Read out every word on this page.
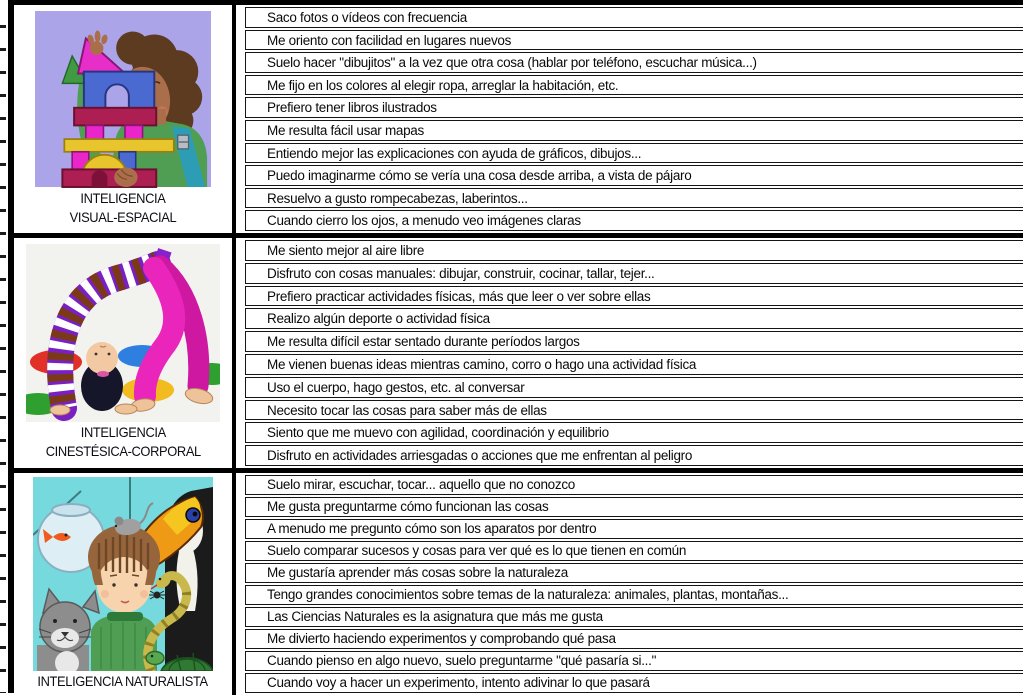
INTELIGENCIA
VISUAL-ESPACIAL
Saco fotos o vídeos con frecuencia
Me oriento con facilidad en lugares nuevos
Suelo hacer "dibujitos" a la vez que otra cosa (hablar por teléfono, escuchar música...)
Me fijo en los colores al elegir ropa, arreglar la habitación, etc.
Prefiero tener libros ilustrados
Me resulta fácil usar mapas
Entiendo mejor las explicaciones con ayuda de gráficos, dibujos...
Puedo imaginarme cómo se vería una cosa desde arriba, a vista de pájaro
Resuelvo a gusto rompecabezas, laberintos...
Cuando cierro los ojos, a menudo veo imágenes claras
INTELIGENCIA
CINESTÉSICA-CORPORAL
Me siento mejor al aire libre
Disfruto con cosas manuales: dibujar, construir, cocinar, tallar, tejer...
Prefiero practicar actividades físicas, más que leer o ver sobre ellas
Realizo algún deporte o actividad física
Me resulta difícil estar sentado durante períodos largos
Me vienen buenas ideas mientras camino, corro o hago una actividad física
Uso el cuerpo, hago gestos, etc. al conversar
Necesito tocar las cosas para saber más de ellas
Siento que me muevo con agilidad, coordinación y equilibrio
Disfruto en actividades arriesgadas o acciones que me enfrentan al peligro
INTELIGENCIA NATURALISTA
Suelo mirar, escuchar, tocar... aquello que no conozco
Me gusta preguntarme cómo funcionan las cosas
A menudo me pregunto cómo son los aparatos por dentro
Suelo comparar sucesos y cosas para ver qué es lo que tienen en común
Me gustaría aprender más cosas sobre la naturaleza
Tengo grandes conocimientos sobre temas de la naturaleza: animales, plantas, montañas...
Las Ciencias Naturales es la asignatura que más me gusta
Me divierto haciendo experimentos y comprobando qué pasa
Cuando pienso en algo nuevo, suelo preguntarme "qué pasaría si..."
Cuando voy a hacer un experimento, intento adivinar lo que pasará
